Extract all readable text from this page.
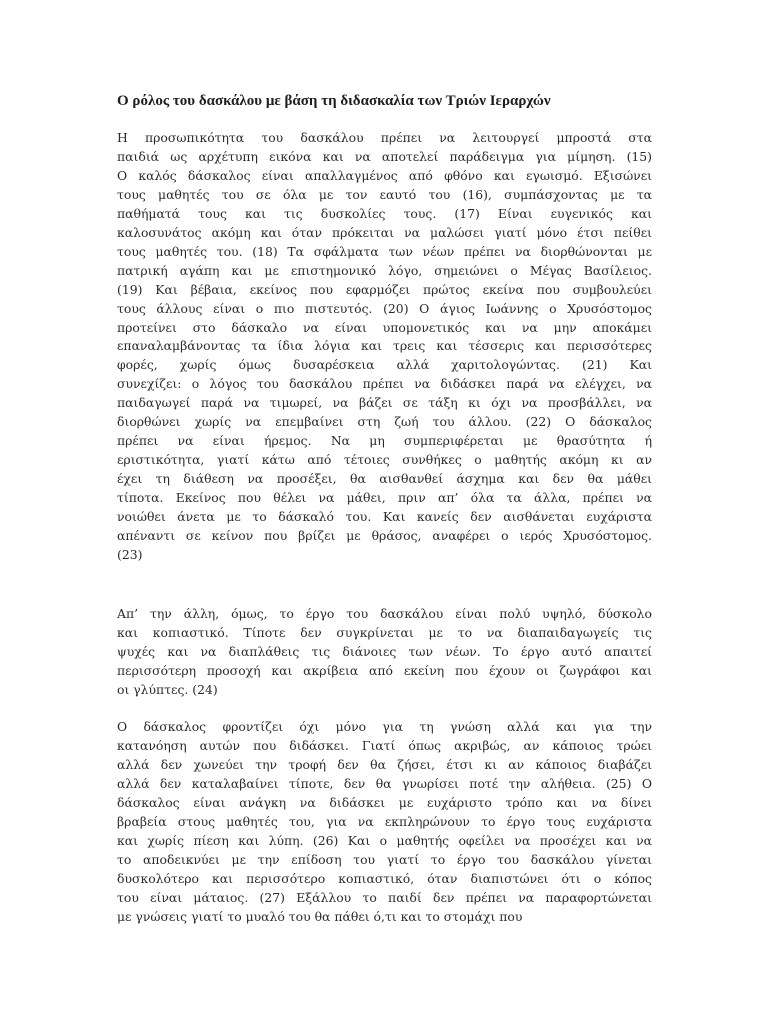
Ο ρόλος του δασκάλου με βάση τη διδασκαλία των Τριών Ιεραρχών
Η προσωπικότητα του δασκάλου πρέπει να λειτουργεί μπροστά στα
παιδιά ως αρχέτυπη εικόνα και να αποτελεί παράδειγμα για μίμηση. (15)
Ο καλός δάσκαλος είναι απαλλαγμένος από φθόνο και εγωισμό. Εξισώνει
τους μαθητές του σε όλα με τον εαυτό του (16), συμπάσχοντας με τα
παθήματά τους και τις δυσκολίες τους. (17) Είναι ευγενικός και
καλοσυνάτος ακόμη και όταν πρόκειται να μαλώσει γιατί μόνο έτσι πείθει
τους μαθητές του. (18) Τα σφάλματα των νέων πρέπει να διορθώνονται με
πατρική αγάπη και με επιστημονικό λόγο, σημειώνει ο Μέγας Βασίλειος.
(19) Και βέβαια, εκείνος που εφαρμόζει πρώτος εκείνα που συμβουλεύει
τους άλλους είναι ο πιο πιστευτός. (20) Ο άγιος Ιωάννης ο Χρυσόστομος
προτείνει στο δάσκαλο να είναι υπομονετικός και να μην αποκάμει
επαναλαμβάνοντας τα ίδια λόγια και τρεις και τέσσερις και περισσότερες
φορές, χωρίς όμως δυσαρέσκεια αλλά χαριτολογώντας. (21) Και
συνεχίζει: ο λόγος του δασκάλου πρέπει να διδάσκει παρά να ελέγχει, να
παιδαγωγεί παρά να τιμωρεί, να βάζει σε τάξη κι όχι να προσβάλλει, να
διορθώνει χωρίς να επεμβαίνει στη ζωή του άλλου. (22) Ο δάσκαλος
πρέπει να είναι ήρεμος. Να μη συμπεριφέρεται με θρασύτητα ή
εριστικότητα, γιατί κάτω από τέτοιες συνθήκες ο μαθητής ακόμη κι αν
έχει τη διάθεση να προσέξει, θα αισθανθεί άσχημα και δεν θα μάθει
τίποτα. Εκείνος που θέλει να μάθει, πριν απ’ όλα τα άλλα, πρέπει να
νοιώθει άνετα με το δάσκαλό του. Και κανείς δεν αισθάνεται ευχάριστα
απέναντι σε κείνον που βρίζει με θράσος, αναφέρει ο ιερός Χρυσόστομος.
(23)
Απ’ την άλλη, όμως, το έργο του δασκάλου είναι πολύ υψηλό, δύσκολο
και κοπιαστικό. Τίποτε δεν συγκρίνεται με το να διαπαιδαγωγείς τις
ψυχές και να διαπλάθεις τις διάνοιες των νέων. Το έργο αυτό απαιτεί
περισσότερη προσοχή και ακρίβεια από εκείνη που έχουν οι ζωγράφοι και
οι γλύπτες. (24)
Ο δάσκαλος φροντίζει όχι μόνο για τη γνώση αλλά και για την
κατανόηση αυτών που διδάσκει. Γιατί όπως ακριβώς, αν κάποιος τρώει
αλλά δεν χωνεύει την τροφή δεν θα ζήσει, έτσι κι αν κάποιος διαβάζει
αλλά δεν καταλαβαίνει τίποτε, δεν θα γνωρίσει ποτέ την αλήθεια. (25) Ο
δάσκαλος είναι ανάγκη να διδάσκει με ευχάριστο τρόπο και να δίνει
βραβεία στους μαθητές του, για να εκπληρώνουν το έργο τους ευχάριστα
και χωρίς πίεση και λύπη. (26) Και ο μαθητής οφείλει να προσέχει και να
το αποδεικνύει με την επίδοση του γιατί το έργο του δασκάλου γίνεται
δυσκολότερο και περισσότερο κοπιαστικό, όταν διαπιστώνει ότι ο κόπος
του είναι μάταιος. (27) Εξάλλου το παιδί δεν πρέπει να παραφορτώνεται
με γνώσεις γιατί το μυαλό του θα πάθει ό,τι και το στομάχι που
